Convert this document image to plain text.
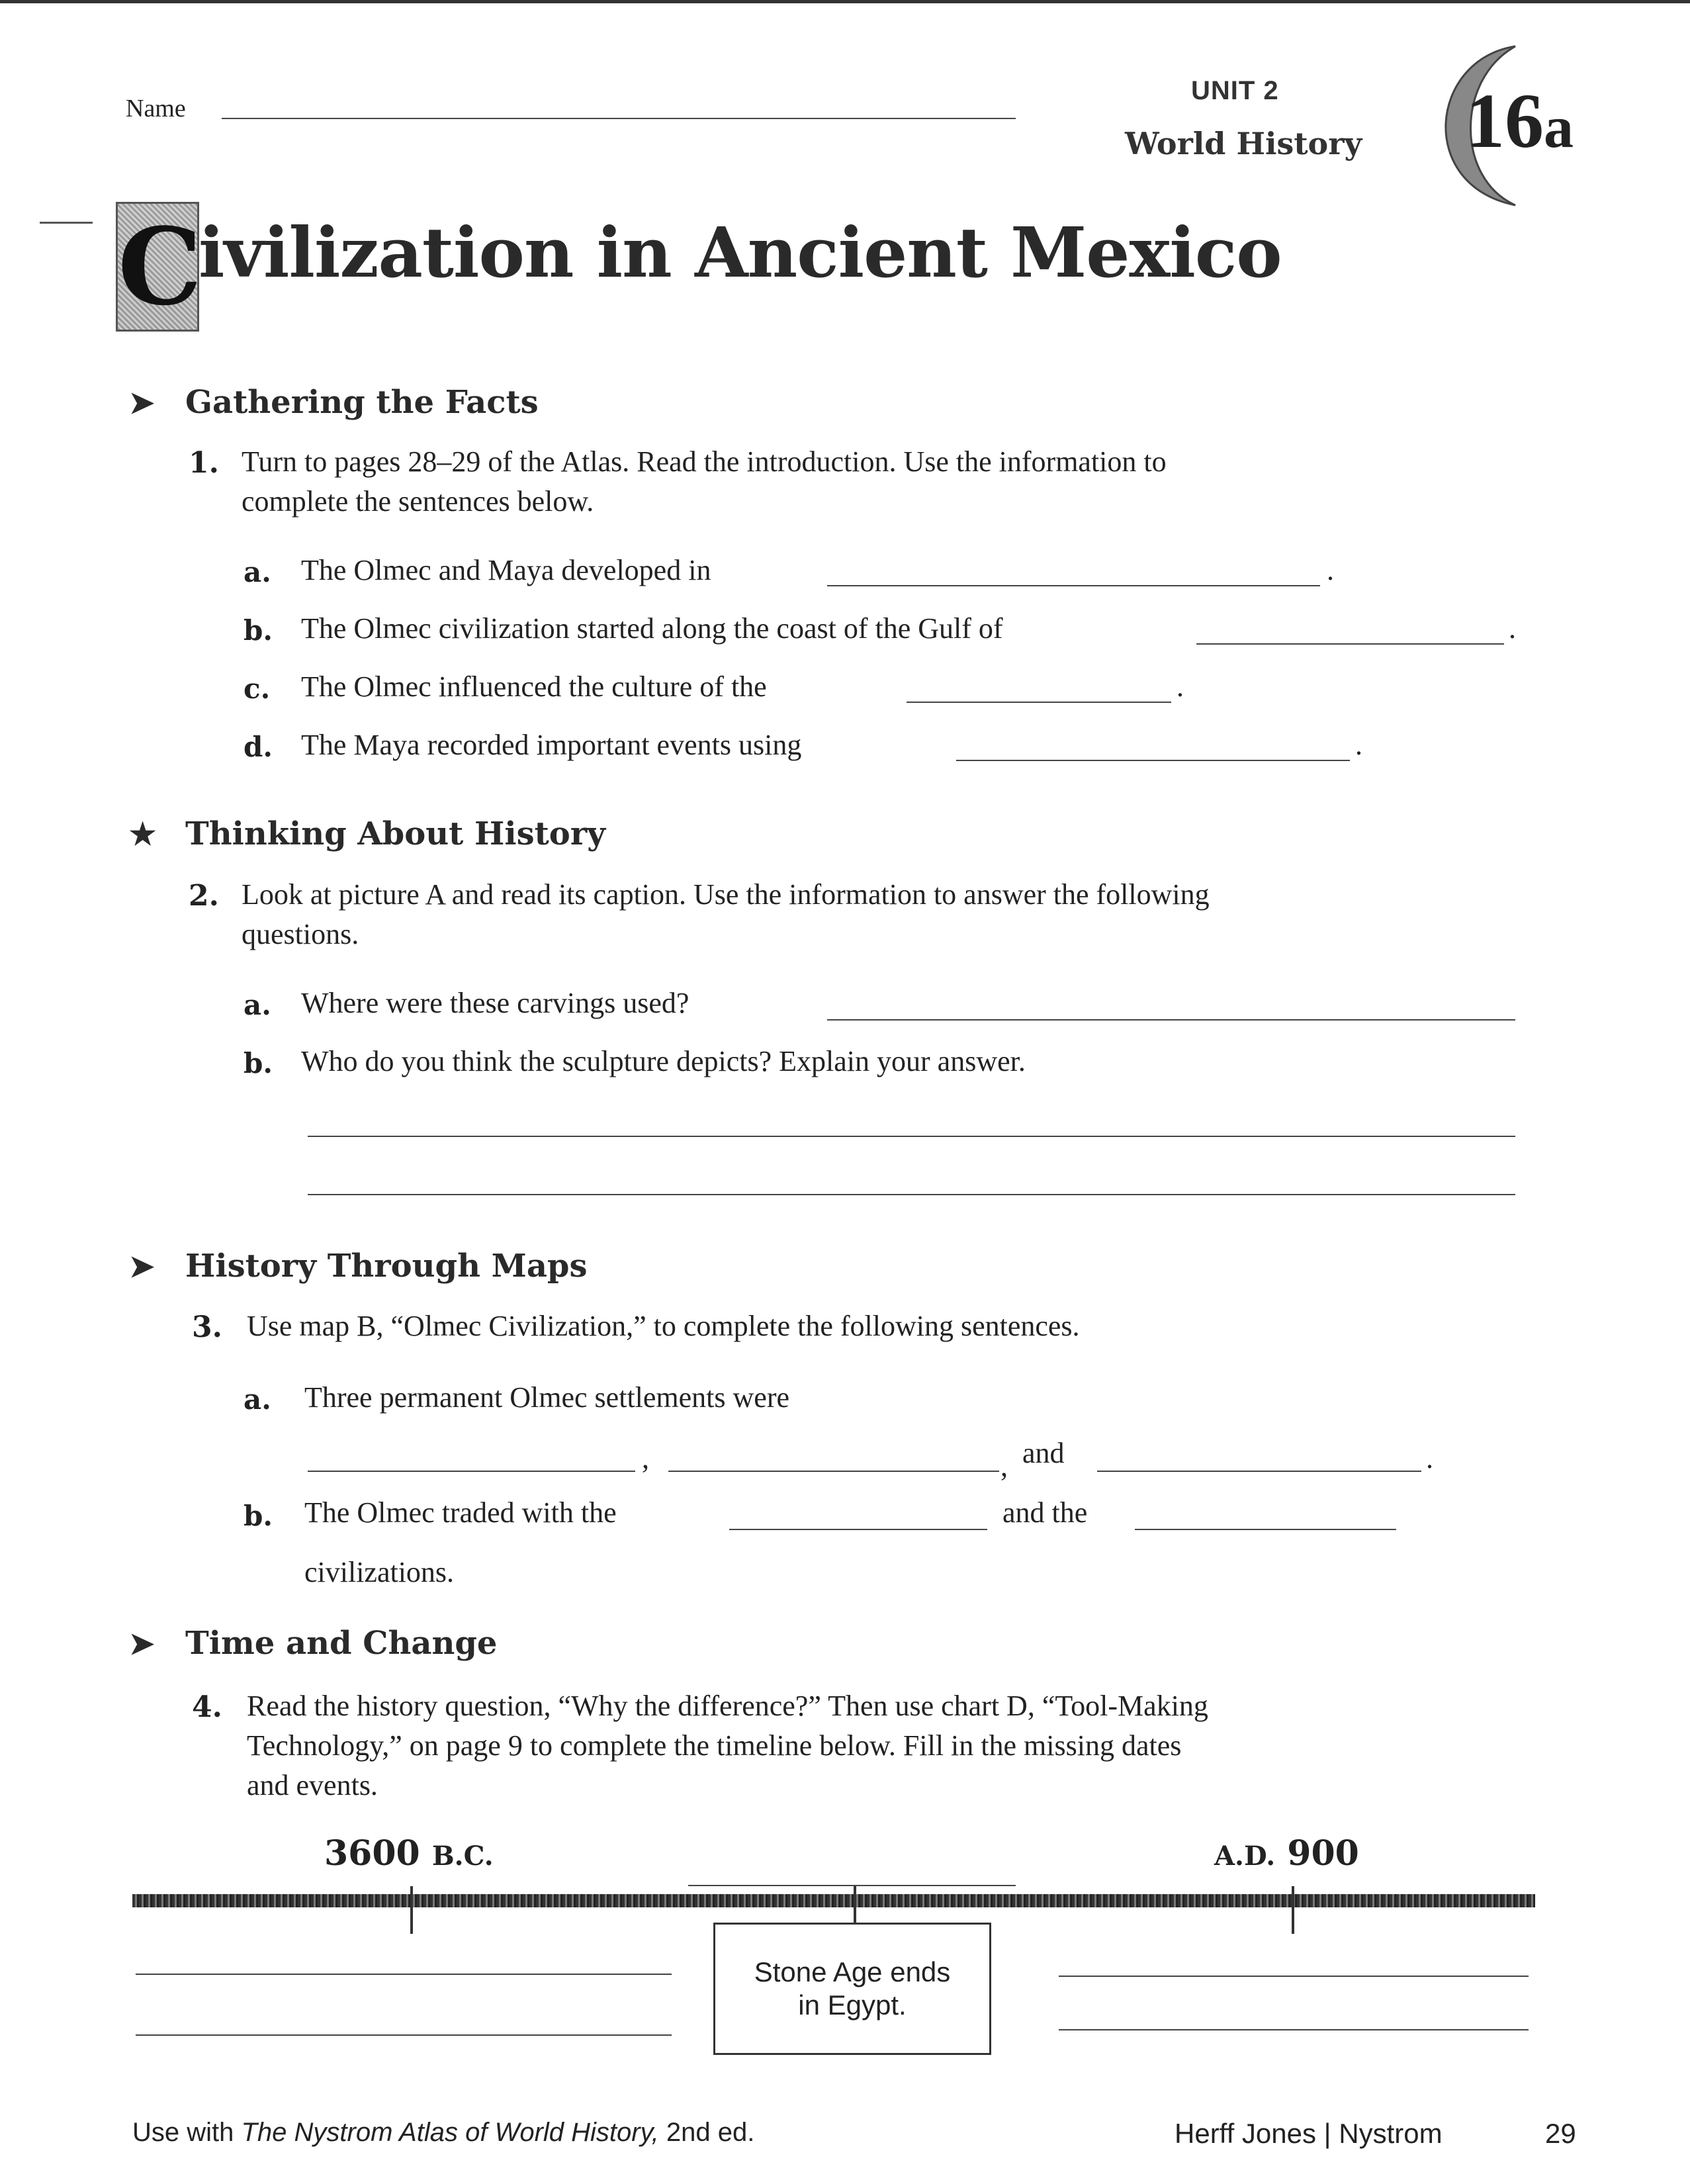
Name
UNIT 2
World History 16a
C
ivilization in Ancient Mexico
➤ Gathering the Facts
1. Turn to pages 28–29 of the Atlas. Read the introduction. Use the information to
complete the sentences below.
a. The Olmec and Maya developed in	.
b. The Olmec civilization started along the coast of the Gulf of	.
c. The Olmec influenced the culture of the	.
d. The Maya recorded important events using	.
★ Thinking About History
2. Look at picture A and read its caption. Use the information to answer the following
questions.
a. Where were these carvings used?
b. Who do you think the sculpture depicts? Explain your answer.
➤ History Through Maps
3. Use map B, “Olmec Civilization,” to complete the following sentences.
a. Three permanent Olmec settlements were
,	, and	.
b. The Olmec traded with the	and the
civilizations.
➤ Time and Change
4. Read the history question, “Why the difference?” Then use chart D, “Tool-Making
Technology,” on page 9 to complete the timeline below. Fill in the missing dates
and events.
3600 B.C.	A.D. 900
Stone Age ends
in Egypt.
Use with The Nystrom Atlas of World History, 2nd ed.	Herff Jones | Nystrom	29
